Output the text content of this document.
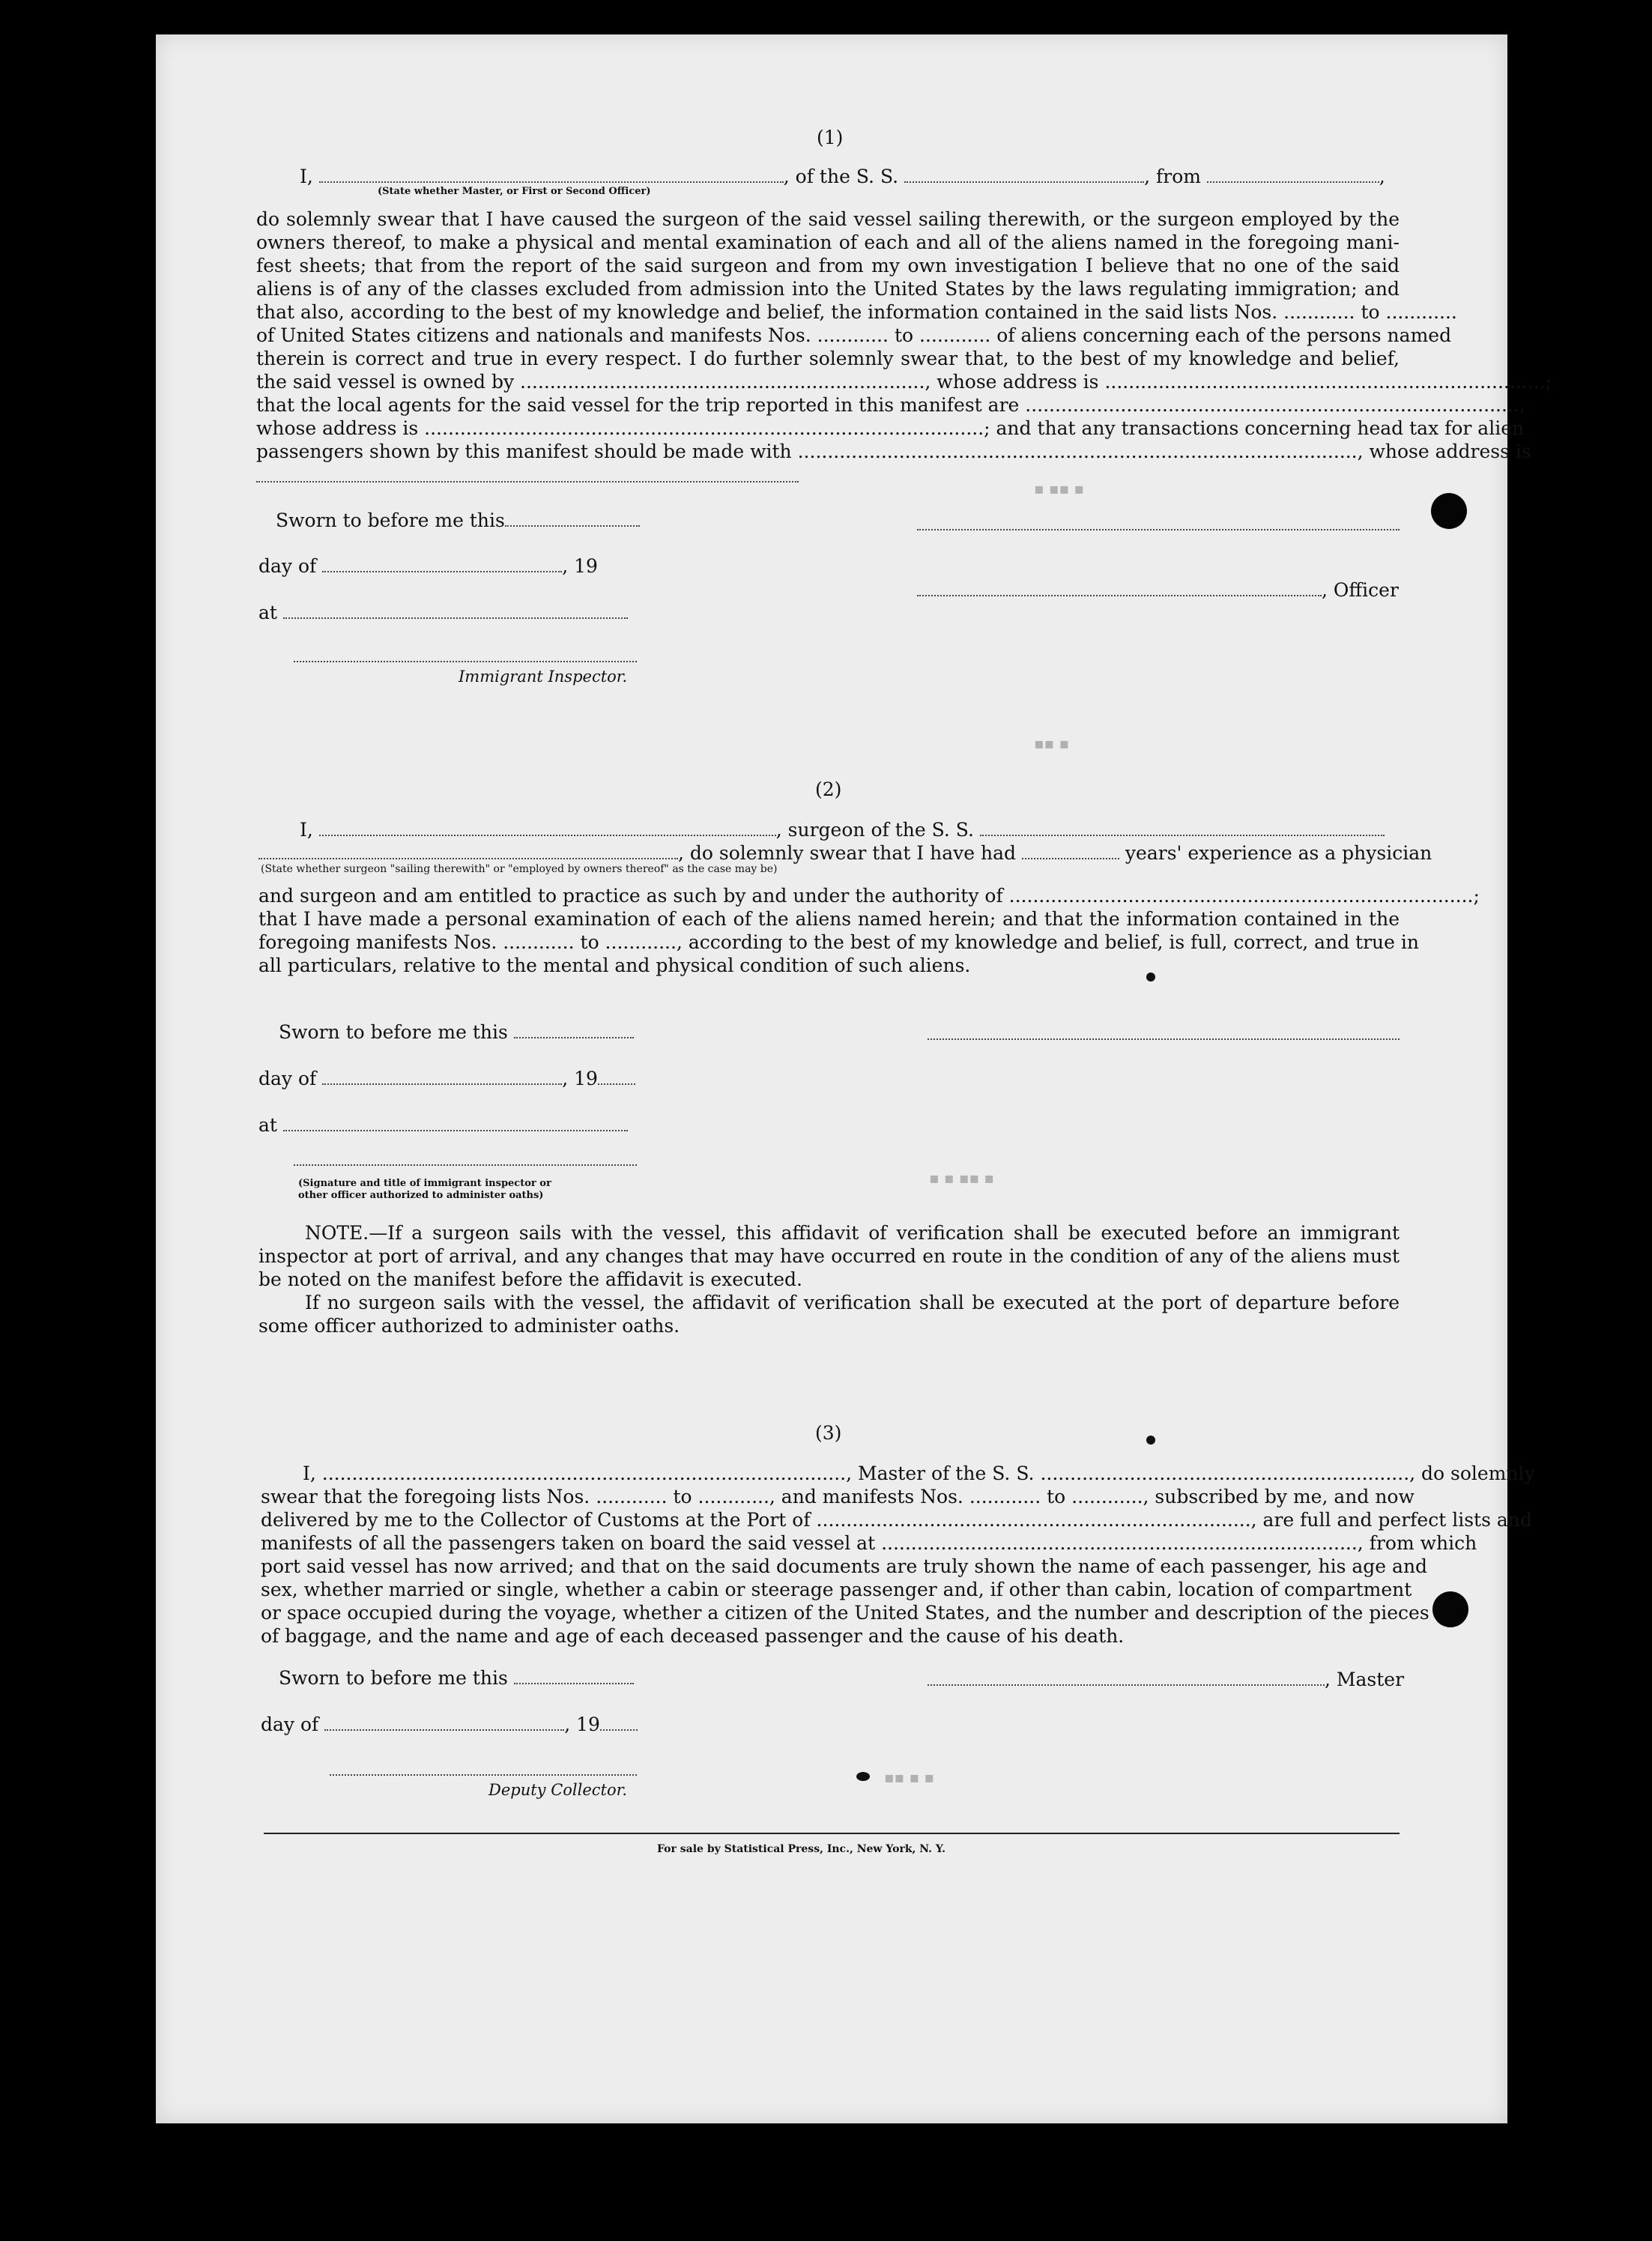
(1)
I,	, of the S. S.	, from	,
(State whether Master, or First or Second Officer)
do solemnly swear that I have caused the surgeon of the said vessel sailing therewith, or the surgeon employed by the
owners thereof, to make a physical and mental examination of each and all of the aliens named in the foregoing mani-
fest sheets; that from the report of the said surgeon and from my own investigation I believe that no one of the said
aliens is of any of the classes excluded from admission into the United States by the laws regulating immigration; and
that also, according to the best of my knowledge and belief, the information contained in the said lists Nos. ............ to ............
of United States citizens and nationals and manifests Nos. ............ to ............ of aliens concerning each of the persons named
therein is correct and true in every respect. I do further solemnly swear that, to the best of my knowledge and belief,
the said vessel is owned by ...................................................................., whose address is ..........................................................................;
that the local agents for the said vessel for the trip reported in this manifest are ...................................................................................,
whose address is ..............................................................................................; and that any transactions concerning head tax for alien
passengers shown by this manifest should be made with .............................................................................................., whose address is
Sworn to before me this
day of	, 19
at
Immigrant Inspector.
, Officer
(2)
I,	, surgeon of the S. S.
, do solemnly swear that I have had	years' experience as a physician
(State whether surgeon "sailing therewith" or "employed by owners thereof" as the case may be)
and surgeon and am entitled to practice as such by and under the authority of ..............................................................................;
that I have made a personal examination of each of the aliens named herein; and that the information contained in the
foregoing manifests Nos. ............ to ............, according to the best of my knowledge and belief, is full, correct, and true in
all particulars, relative to the mental and physical condition of such aliens.
Sworn to before me this
day of	, 19
at
(Signature and title of immigrant inspector or
other officer authorized to administer oaths)
NOTE.—If a surgeon sails with the vessel, this affidavit of verification shall be executed before an immigrant
inspector at port of arrival, and any changes that may have occurred en route in the condition of any of the aliens must
be noted on the manifest before the affidavit is executed.
If no surgeon sails with the vessel, the affidavit of verification shall be executed at the port of departure before
some officer authorized to administer oaths.
(3)
I, ........................................................................................, Master of the S. S. .............................................................., do solemnly
swear that the foregoing lists Nos. ............ to ............, and manifests Nos. ............ to ............, subscribed by me, and now
delivered by me to the Collector of Customs at the Port of ........................................................................., are full and perfect lists and
manifests of all the passengers taken on board the said vessel at ................................................................................, from which
port said vessel has now arrived; and that on the said documents are truly shown the name of each passenger, his age and
sex, whether married or single, whether a cabin or steerage passenger and, if other than cabin, location of compartment
or space occupied during the voyage, whether a citizen of the United States, and the number and description of the pieces
of baggage, and the name and age of each deceased passenger and the cause of his death.
Sworn to before me this
day of	, 19
Deputy Collector.
, Master
For sale by Statistical Press, Inc., New York, N. Y.
▪ ▪▪ ▪
▪▪ ▪
▪ ▪ ▪▪ ▪
▪▪ ▪ ▪
